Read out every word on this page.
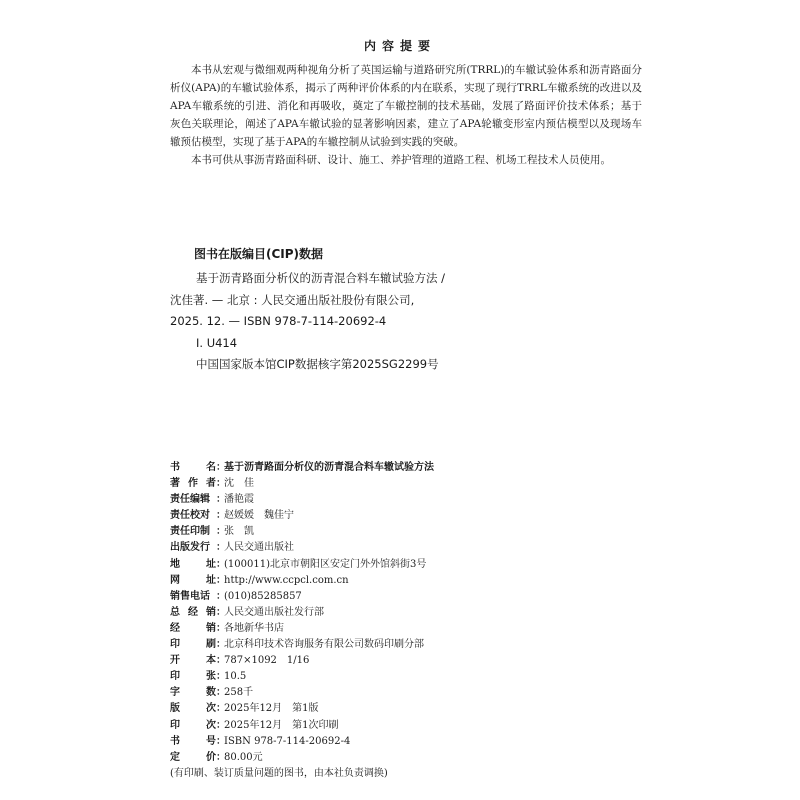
内容提要

本书从宏观与微细观两种视角分析了英国运输与道路研究所(TRRL)的车辙试验体系和沥青路面分析仪(APA)的车辙试验体系，揭示了两种评价体系的内在联系，实现了现行TRRL车辙系统的改进以及APA车辙系统的引进、消化和再吸收，奠定了车辙控制的技术基础，发展了路面评价技术体系；基于灰色关联理论，阐述了APA车辙试验的显著影响因素，建立了APA轮辙变形室内预估模型以及现场车辙预估模型，实现了基于APA的车辙控制从试验到实践的突破。

本书可供从事沥青路面科研、设计、施工、养护管理的道路工程、机场工程技术人员使用。

图书在版编目(CIP)数据
基于沥青路面分析仪的沥青混合料车辙试验方法 /
沈佳著. — 北京 : 人民交通出版社股份有限公司,
2025. 12. — ISBN 978-7-114-20692-4
Ⅰ. U414
中国国家版本馆CIP数据核字第2025SG2299号
书	名 ：
基于沥青路面分析仪的沥青混合料车辙试验方法
著 作 者 ：
沈　佳
责任编辑 ：
潘艳霞
责任校对 ：
赵媛媛　魏佳宁
责任印制 ：
张　凯
出版发行 ：
人民交通出版社
地	址 ：
(100011)北京市朝阳区安定门外外馆斜街3号
网	址 ：
http://www.ccpcl.com.cn
销售电话 ：
(010)85285857
总 经 销 ：
人民交通出版社发行部
经	销 ：
各地新华书店
印	刷 ：
北京科印技术咨询服务有限公司数码印刷分部
开	本 ：
787×1092　1/16
印	张 ：
10.5
字	数 ：
258千
版	次 ：
2025年12月　第1版
印	次 ：
2025年12月　第1次印刷
书	号 ：
ISBN 978-7-114-20692-4
定	价 ：
80.00元
(有印刷、装订质量问题的图书，由本社负责调换)
